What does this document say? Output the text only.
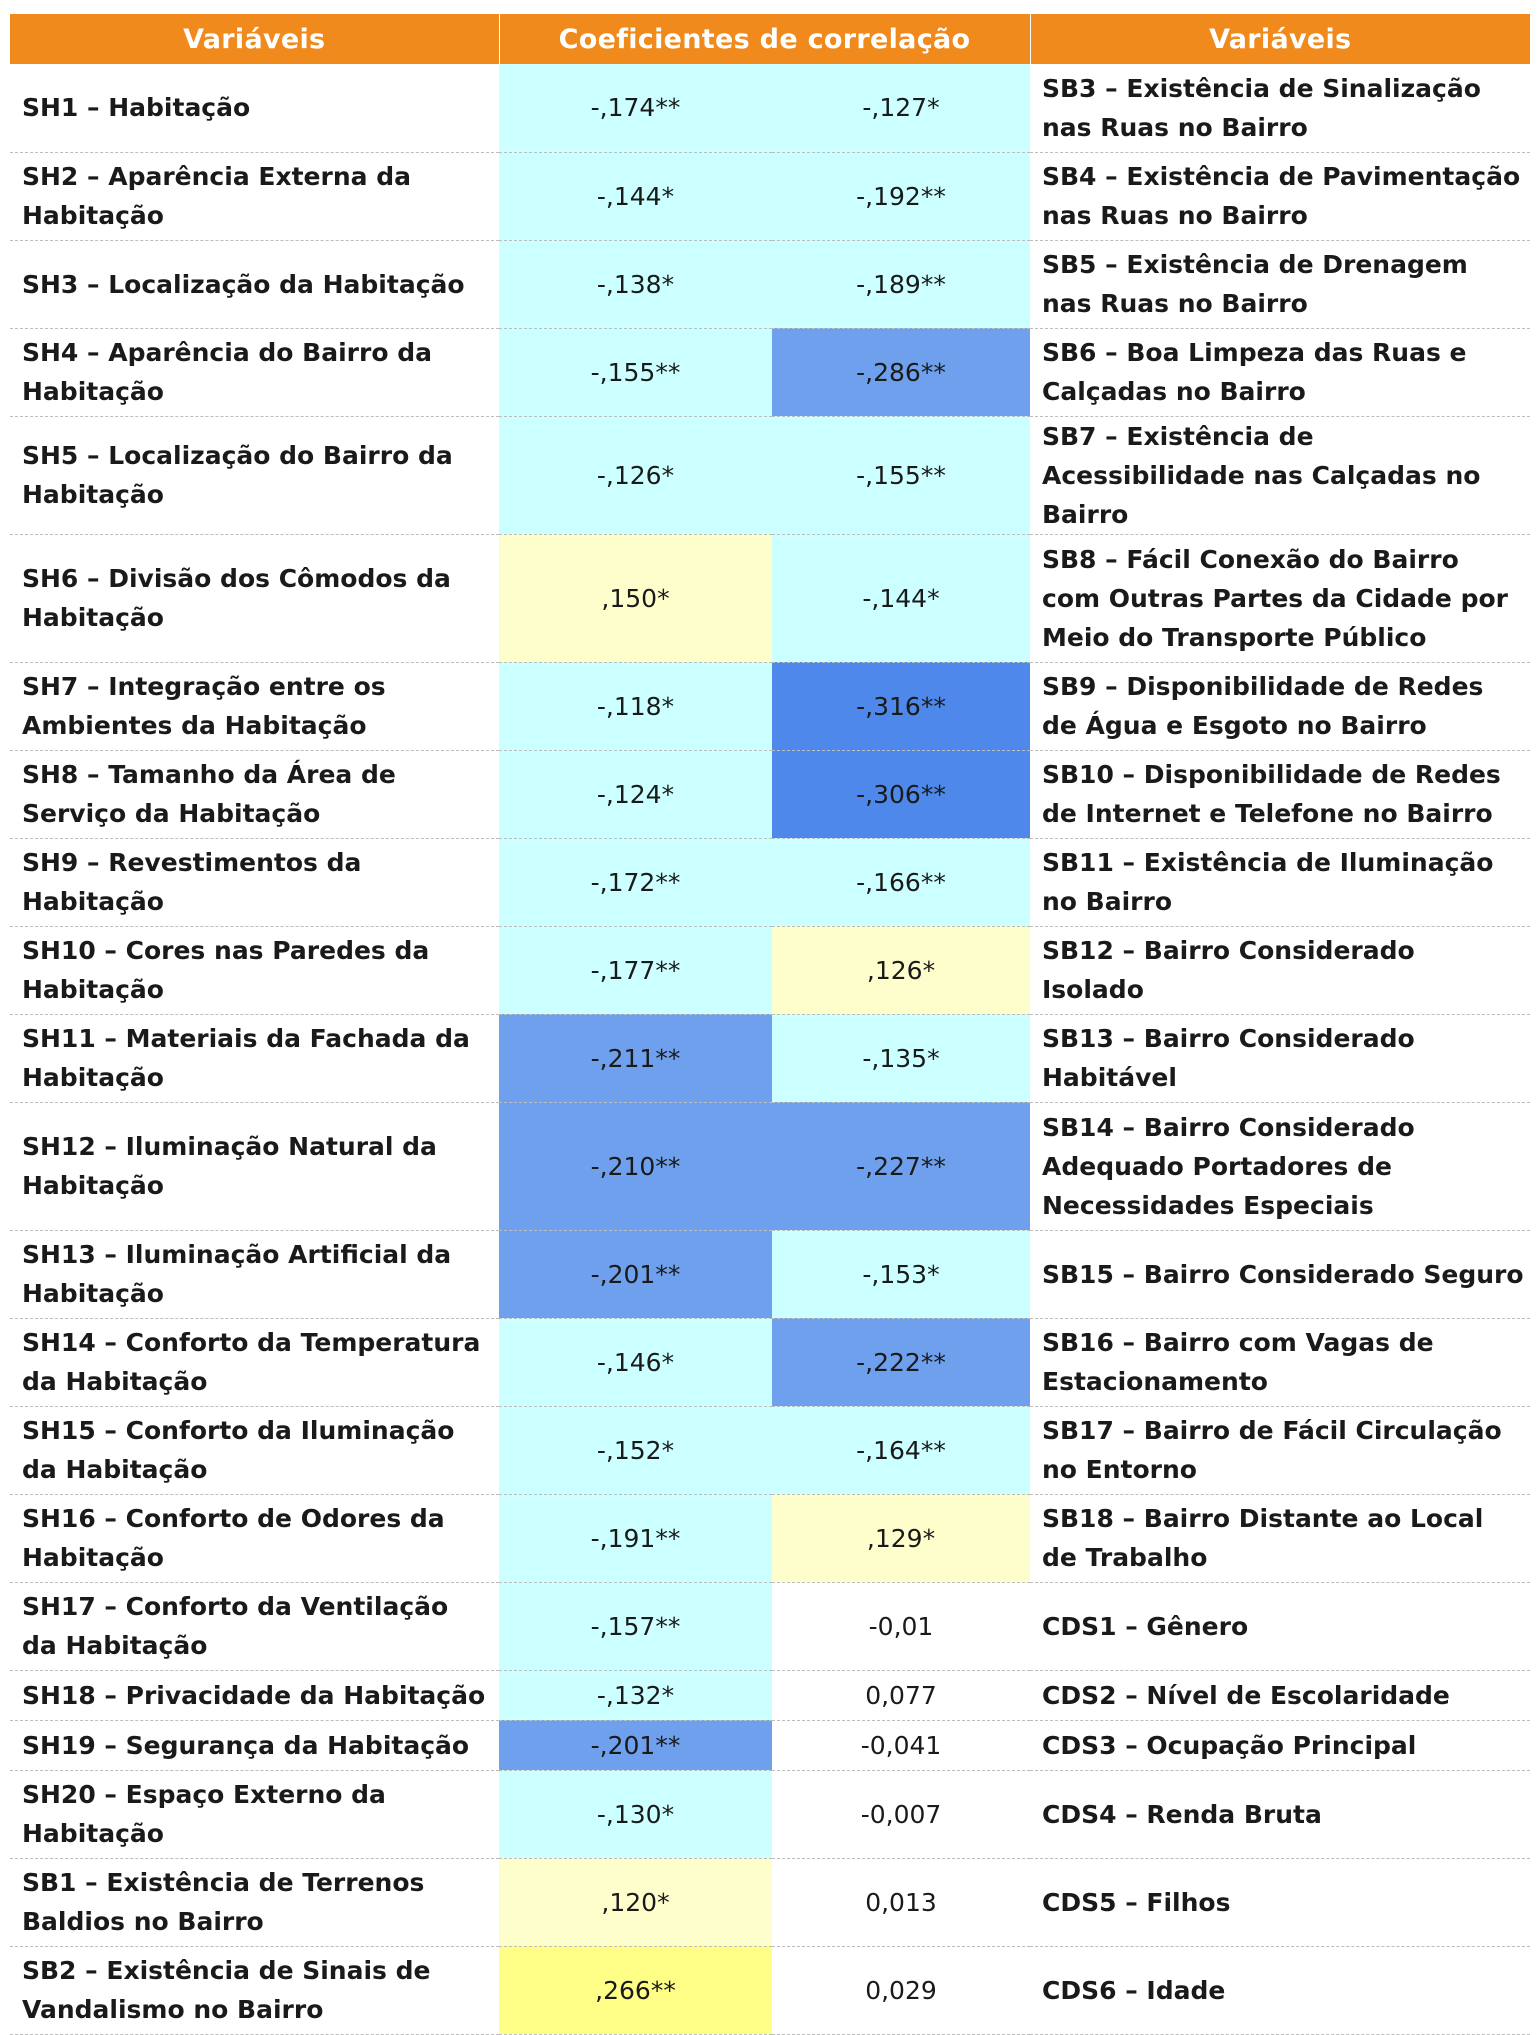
Variáveis	Coeficientes de correlação		Variáveis
SH1 – Habitação	-,174**	-,127*	SB3 – Existência de Sinalização nas Ruas no Bairro
SH2 – Aparência Externa da Habitação	-,144*	-,192**	SB4 – Existência de Pavimentação nas Ruas no Bairro
SH3 – Localização da Habitação	-,138*	-,189**	SB5 – Existência de Drenagem nas Ruas no Bairro
SH4 – Aparência do Bairro da Habitação	-,155**	-,286**	SB6 – Boa Limpeza das Ruas e Calçadas no Bairro
SH5 – Localização do Bairro da Habitação	-,126*	-,155**	SB7 – Existência de Acessibilidade nas Calçadas no Bairro
SH6 – Divisão dos Cômodos da Habitação	,150*	-,144*	SB8 – Fácil Conexão do Bairro com Outras Partes da Cidade por Meio do Transporte Público
SH7 – Integração entre os Ambientes da Habitação	-,118*	-,316**	SB9 – Disponibilidade de Redes de Água e Esgoto no Bairro
SH8 – Tamanho da Área de Serviço da Habitação	-,124*	-,306**	SB10 – Disponibilidade de Redes de Internet e Telefone no Bairro
SH9 – Revestimentos da Habitação	-,172**	-,166**	SB11 – Existência de Iluminação no Bairro
SH10 – Cores nas Paredes da Habitação	-,177**	,126*	SB12 – Bairro Considerado Isolado
SH11 – Materiais da Fachada da Habitação	-,211**	-,135*	SB13 – Bairro Considerado Habitável
SH12 – Iluminação Natural da Habitação	-,210**	-,227**	SB14 – Bairro Considerado Adequado Portadores de Necessidades Especiais
SH13 – Iluminação Artificial da Habitação	-,201**	-,153*	SB15 – Bairro Considerado Seguro
SH14 – Conforto da Temperatura da Habitação	-,146*	-,222**	SB16 – Bairro com Vagas de Estacionamento
SH15 – Conforto da Iluminação da Habitação	-,152*	-,164**	SB17 – Bairro de Fácil Circulação no Entorno
SH16 – Conforto de Odores da Habitação	-,191**	,129*	SB18 – Bairro Distante ao Local de Trabalho
SH17 – Conforto da Ventilação da Habitação	-,157**	-0,01	CDS1 – Gênero
SH18 – Privacidade da Habitação	-,132*	0,077	CDS2 – Nível de Escolaridade
SH19 – Segurança da Habitação	-,201**	-0,041	CDS3 – Ocupação Principal
SH20 – Espaço Externo da Habitação	-,130*	-0,007	CDS4 – Renda Bruta
SB1 – Existência de Terrenos Baldios no Bairro	,120*	0,013	CDS5 – Filhos
SB2 – Existência de Sinais de Vandalismo no Bairro	,266**	0,029	CDS6 – Idade
